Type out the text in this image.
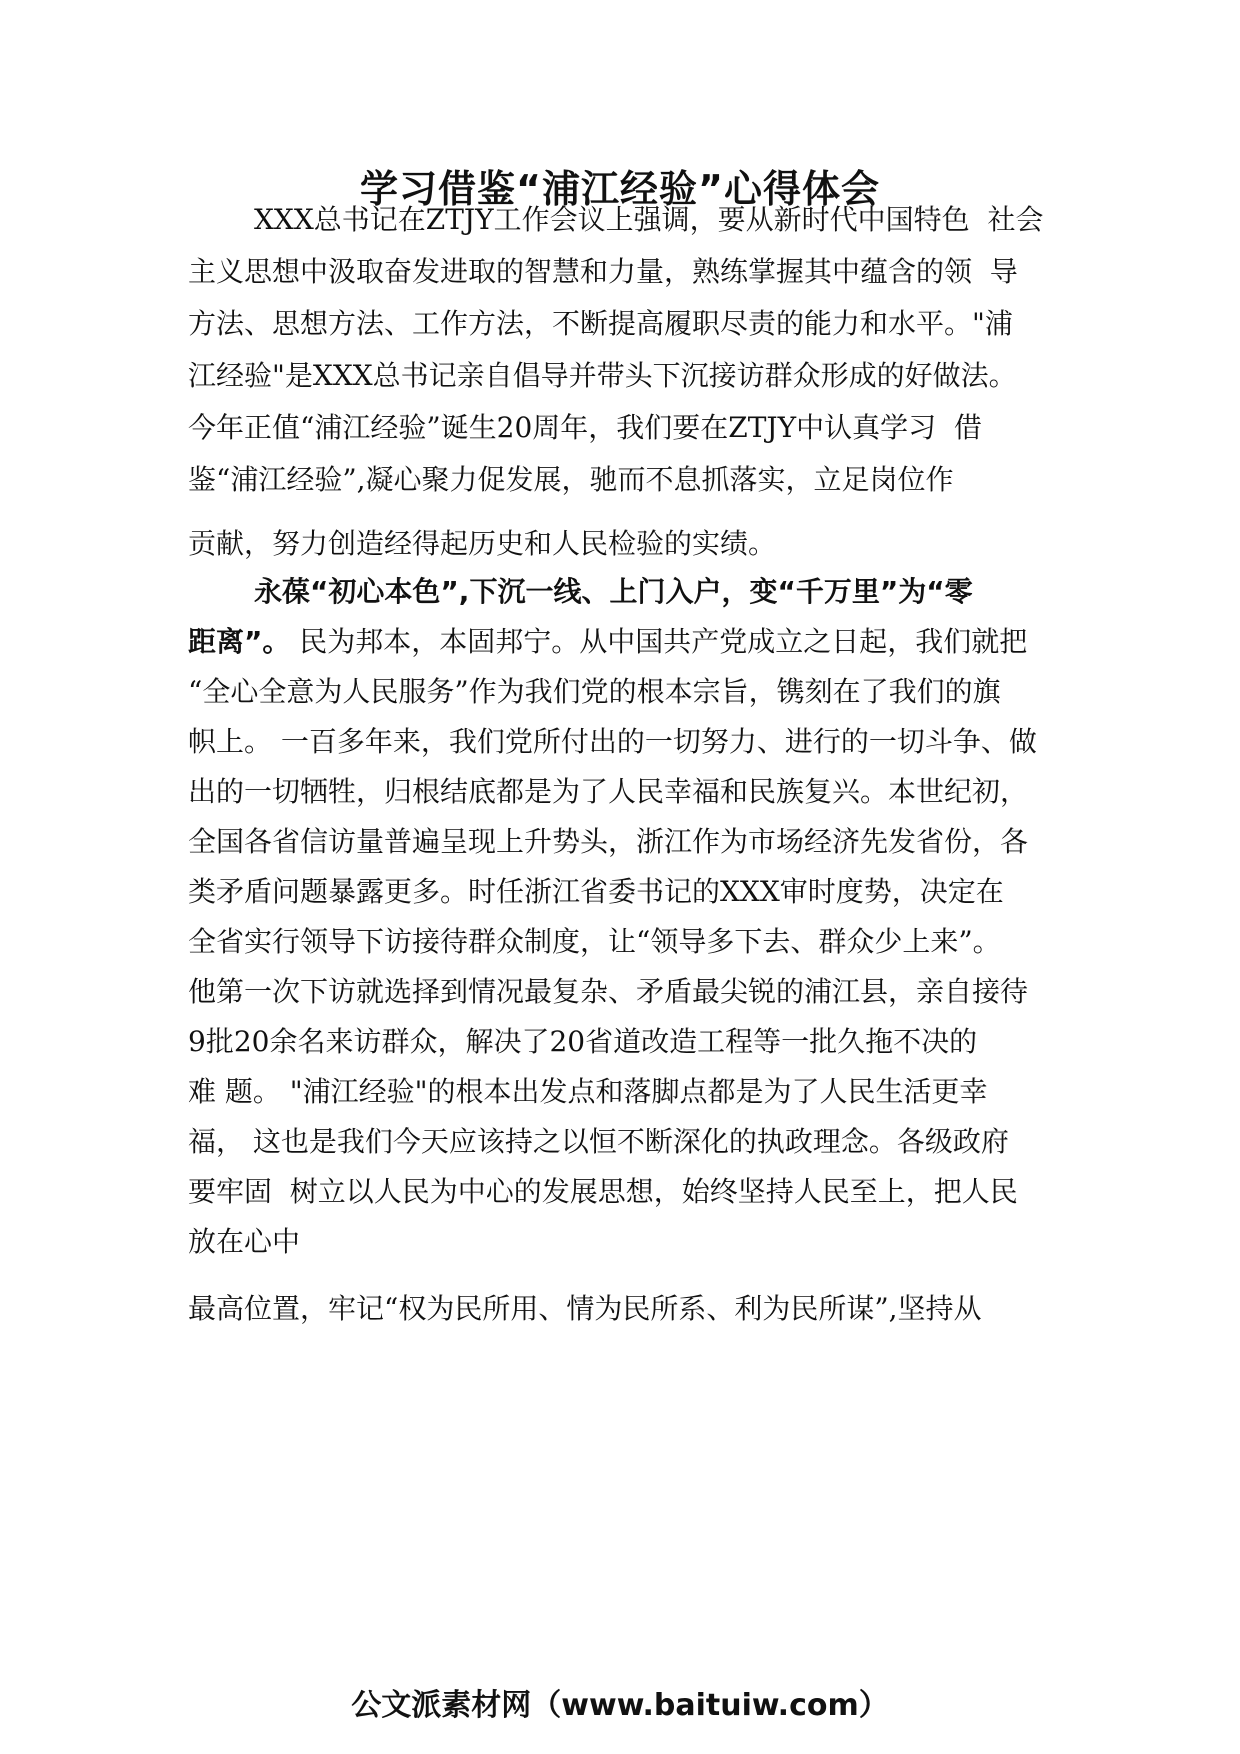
学习借鉴“浦江经验”心得体会

XXX总书记在ZTJY工作会议上强调，要从新时代中国特色  社会

主义思想中汲取奋发进取的智慧和力量，熟练掌握其中蕴含的领  导

方法、思想方法、工作方法，不断提高履职尽责的能力和水平。"浦

江经验"是XXX总书记亲自倡导并带头下沉接访群众形成的好做法。

今年正值“浦江经验”诞生20周年，我们要在ZTJY中认真学习  借

鉴“浦江经验”,凝心聚力促发展，驰而不息抓落实，立足岗位作

贡献，努力创造经得起历史和人民检验的实绩。

永葆“初心本色”,下沉一线、上门入户，变“千万里”为“零

距离”。 民为邦本，本固邦宁。从中国共产党成立之日起，我们就把

“全心全意为人民服务”作为我们党的根本宗旨，镌刻在了我们的旗

帜上。 一百多年来，我们党所付出的一切努力、进行的一切斗争、做

出的一切牺牲，归根结底都是为了人民幸福和民族复兴。本世纪初，

全国各省信访量普遍呈现上升势头，浙江作为市场经济先发省份，各

类矛盾问题暴露更多。时任浙江省委书记的XXX审时度势，决定在

全省实行领导下访接待群众制度，让“领导多下去、群众少上来”。

他第一次下访就选择到情况最复杂、矛盾最尖锐的浦江县，亲自接待

9批20余名来访群众，解决了20省道改造工程等一批久拖不决的

难 题。 "浦江经验"的根本出发点和落脚点都是为了人民生活更幸

福， 这也是我们今天应该持之以恒不断深化的执政理念。各级政府

要牢固  树立以人民为中心的发展思想，始终坚持人民至上，把人民

放在心中

最高位置，牢记“权为民所用、情为民所系、利为民所谋”,坚持从

公文派素材网（www.baituiw.com）
